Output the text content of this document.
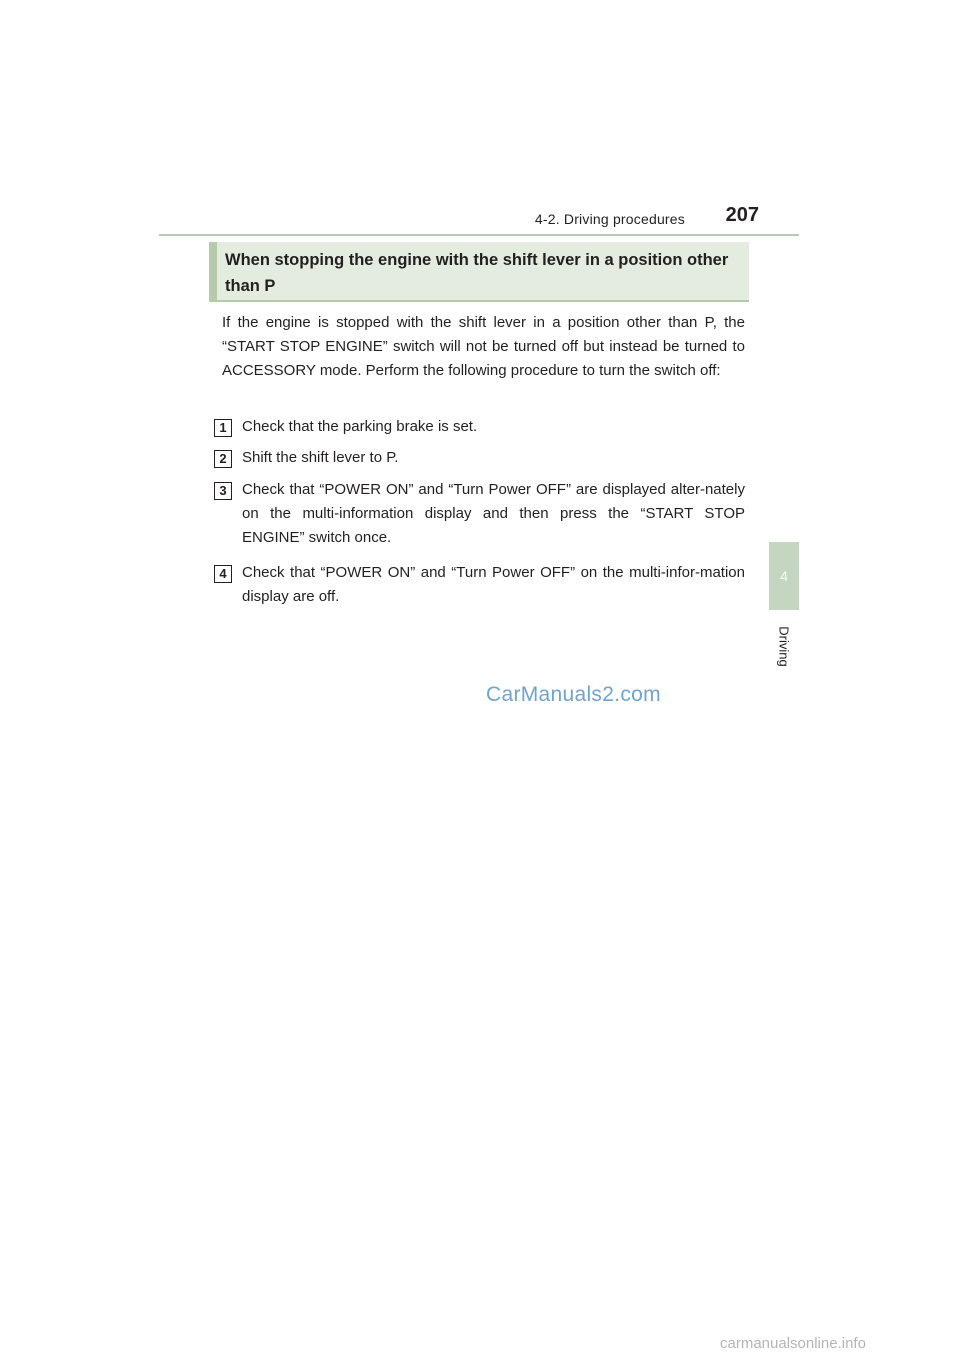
4-2. Driving procedures 207
4
Driving
When stopping the engine with the shift lever in a position other than P
If the engine is stopped with the shift lever in a position other than P, the “START STOP ENGINE” switch will not be turned off but instead be turned to ACCESSORY mode. Perform the following procedure to turn the switch off:
1	Check that the parking brake is set.
2	Shift the shift lever to P.
3	Check that “POWER ON” and “Turn Power OFF” are displayed alter-nately on the multi-information display and then press the “START STOP ENGINE” switch once.
4	Check that “POWER ON” and “Turn Power OFF” on the multi-infor-mation display are off.
CarManuals2.com
carmanualsonline.info
